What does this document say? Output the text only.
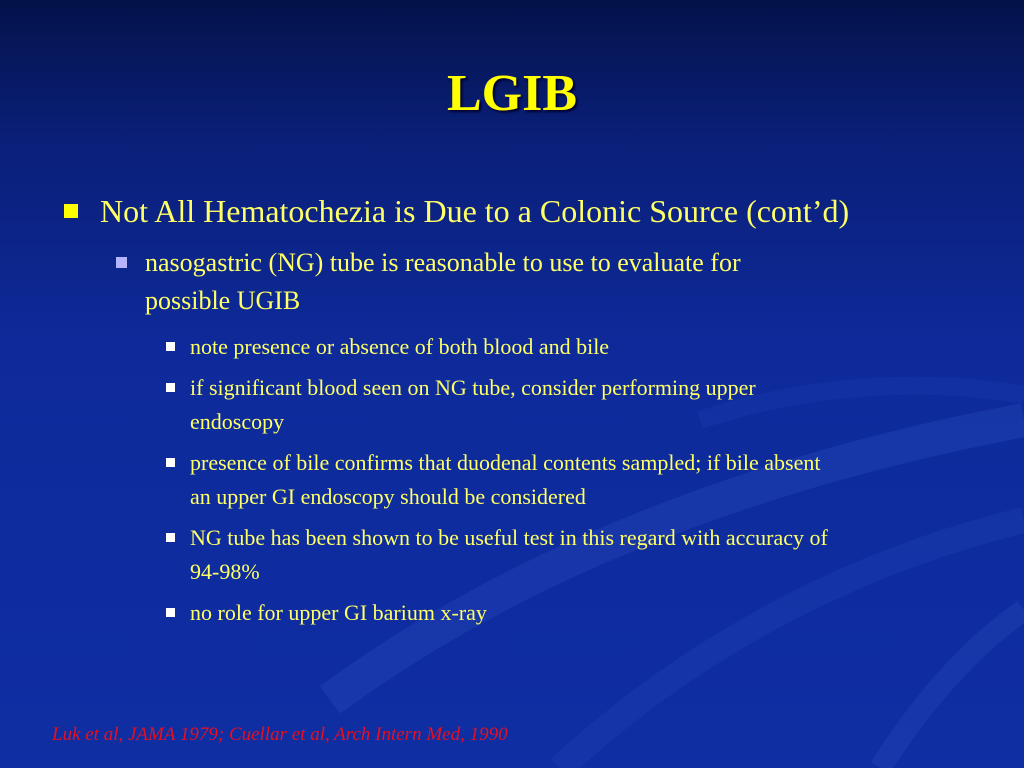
LGIB
Not All Hematochezia is Due to a Colonic Source (cont’d)
nasogastric (NG) tube is reasonable to use to evaluate for
possible UGIB
note presence or absence of both blood and bile
if significant blood seen on NG tube, consider performing upper
endoscopy
presence of bile confirms that duodenal contents sampled; if bile absent
an upper GI endoscopy should be considered
NG tube has been shown to be useful test in this regard with accuracy of
94-98%
no role for upper GI barium x-ray
Luk et al, JAMA 1979; Cuellar et al, Arch Intern Med, 1990
